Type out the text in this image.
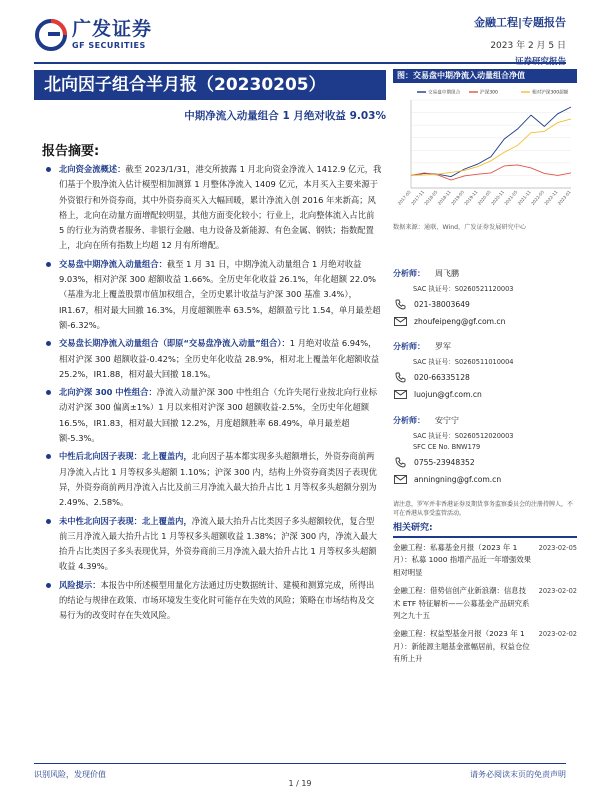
广发证券
GF SECURITIES
金融工程|专题报告
2023 年 2 月 5 日
北向因子组合半月报（20230205）
中期净流入动量组合 1 月绝对收益 9.03%
报告摘要:
北向资金流概述：截至 2023/1/31，港交所披露 1 月北向资金净流入 1412.9 亿元，我们基于个股净流入估计模型相加测算 1 月整体净流入 1409 亿元，本月买入主要来源于外资银行和外资券商，其中外资券商买入大幅回暖，累计净流入创 2016 年来新高；风格上，北向在动量方面增配较明显，其他方面变化较小；行业上，北向整体流入占比前 5 的行业为消费者服务、非银行金融、电力设备及新能源、有色金属、钢铁；指数配置上，北向在所有指数上均超 12 月有所增配。
交易盘中期净流入动量组合：截至 1 月 31 日，中期净流入动量组合 1 月绝对收益 9.03%，相对沪深 300 超额收益 1.66%。全历史年化收益 26.1%，年化超额 22.0%（基准为北上覆盖股票市值加权组合，全历史累计收益与沪深 300 基准 3.4%），IR1.67，相对最大回撤 16.3%，月度超额胜率 63.5%，超额盈亏比 1.54，单月最差超额-6.32%。
交易盘长期净流入动量组合（即原“交易盘净流入动量”组合）：1 月绝对收益 6.94%，相对沪深 300 超额收益-0.42%；全历史年化收益 28.9%，相对北上覆盖年化超额收益 25.2%，IR1.88，相对最大回撤 18.1%。
北向沪深 300 中性组合：净流入动量沪深 300 中性组合（允许失尾行业按北向行业标动对沪深 300 偏离±1%）1 月以来相对沪深 300 超额收益-2.5%，全历史年化超额 16.5%，IR1.83，相对最大回撤 12.2%，月度超额胜率 68.49%，单月最差超额-5.3%。
中性后北向因子表现：北上覆盖内，北向因子基本都实现多头超额增长，外资券商前两月净流入占比 1 月等权多头超额 1.10%；沪深 300 内，结构上外资券商类因子表现优异，外资券商前两月净流入占比及前三月净流入最大抬升占比 1 月等权多头超额分别为 2.49%、2.58%。
未中性北向因子表现：北上覆盖内，净流入最大抬升占比类因子多头超额较优，复合型前三月净流入最大抬升占比 1 月等权多头超额收益 1.38%；沪深 300 内，净流入最大抬升占比类因子多头表现优异，外资券商前三月净流入最大抬升占比 1 月等权多头超额收益 4.39%。
风险提示：本报告中所述模型用量化方法通过历史数据统计、建模和测算完成，所得出的结论与规律在政策、市场环境发生变化时可能存在失效的风险；策略在市场结构及交易行为的改变时存在失效风险。
图：交易盘中期净流入动量组合净值
2017-05
2017-11
2018-05
2018-11
2019-05
2019-11
2020-05
2020-11
2021-05
2021-11
2022-05
2022-11
2023-01
交易盘中期组合	沪深300	相对沪深300超额
数据来源：通联，Wind，广发证券发展研究中心
分析师：	周飞鹏
SAC 执证号：S0260521120003
021-38003649
zhoufeipeng@gf.com.cn
分析师：	罗军
SAC 执证号：S0260511010004
020-66335128
luojun@gf.com.cn
分析师：	安宁宁
SAC 执证号：S0260512020003
SFC CE No. BNW179
0755-23948352
anningning@gf.com.cn
请注意，罗军并非香港证券及期货事务监察委员会的注册持牌人，不可在香港从事受监管活动。
相关研究:
金融工程：私募基金月报（2023 年 1 月）：私募 1000 指增产品近一年增强效果相对明显
2023-02-05
金融工程：借势信创产业新浪潮：信息技术 ETF 特征解析——公募基金产品研究系列之九十五
2023-02-02
金融工程：权益型基金月报（2023 年 1 月）：新能源主题基金涨幅居前，权益仓位有所上升
2023-02-02
识别风险，发现价值
1 / 19
请务必阅读末页的免责声明
